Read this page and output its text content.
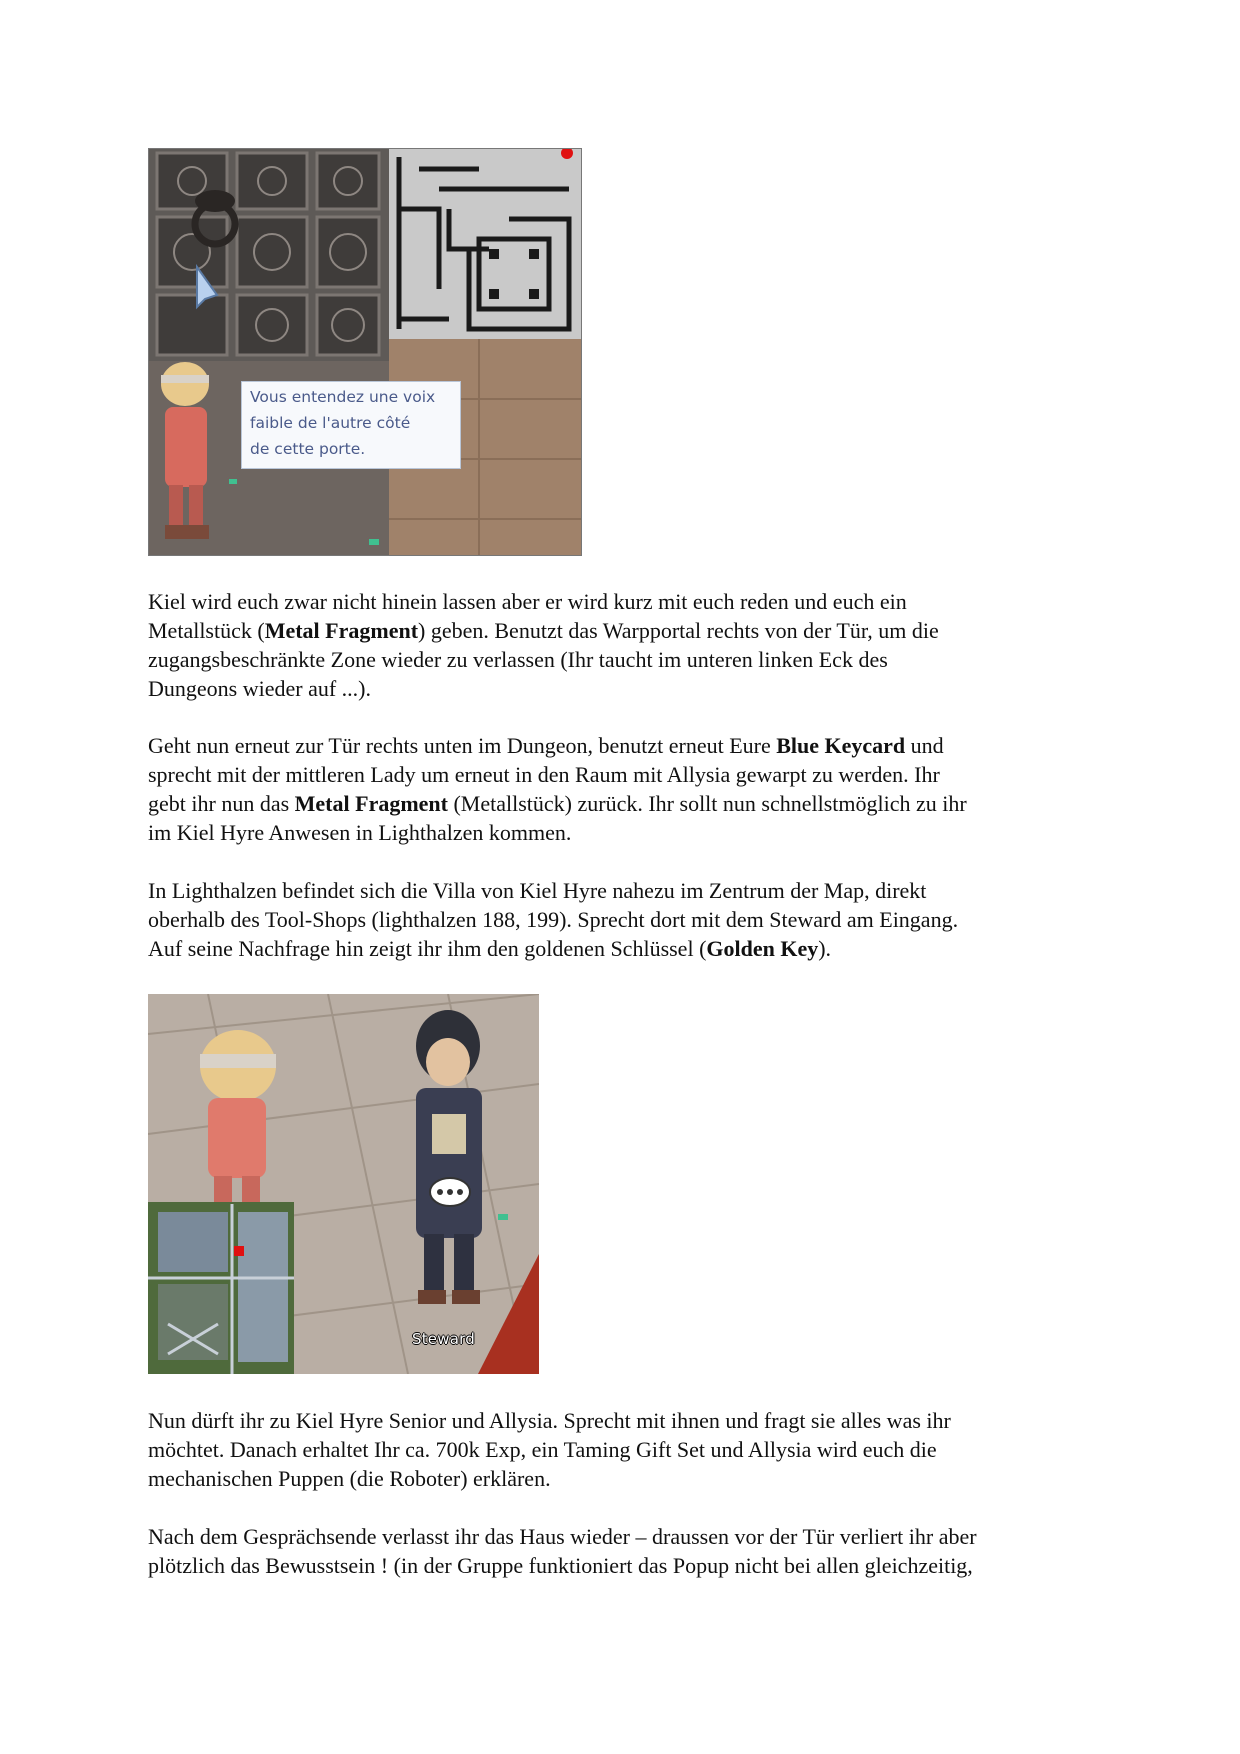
Vous entendez une voix
faible de l'autre côté
de cette porte.

Kiel wird euch zwar nicht hinein lassen aber er wird kurz mit euch reden und euch ein
Metallstück (Metal Fragment) geben. Benutzt das Warpportal rechts von der Tür, um die
zugangsbeschränkte Zone wieder zu verlassen (Ihr taucht im unteren linken Eck des
Dungeons wieder auf ...).

Geht nun erneut zur Tür rechts unten im Dungeon, benutzt erneut Eure Blue Keycard und
sprecht mit der mittleren Lady um erneut in den Raum mit Allysia gewarpt zu werden. Ihr
gebt ihr nun das Metal Fragment (Metallstück) zurück. Ihr sollt nun schnellstmöglich zu ihr
im Kiel Hyre Anwesen in Lighthalzen kommen.

In Lighthalzen befindet sich die Villa von Kiel Hyre nahezu im Zentrum der Map, direkt
oberhalb des Tool-Shops (lighthalzen 188, 199). Sprecht dort mit dem Steward am Eingang.
Auf seine Nachfrage hin zeigt ihr ihm den goldenen Schlüssel (Golden Key).

Steward

Nun dürft ihr zu Kiel Hyre Senior und Allysia. Sprecht mit ihnen und fragt sie alles was ihr
möchtet. Danach erhaltet Ihr ca. 700k Exp, ein Taming Gift Set und Allysia wird euch die
mechanischen Puppen (die Roboter) erklären.

Nach dem Gesprächsende verlasst ihr das Haus wieder – draussen vor der Tür verliert ihr aber
plötzlich das Bewusstsein ! (in der Gruppe funktioniert das Popup nicht bei allen gleichzeitig,
